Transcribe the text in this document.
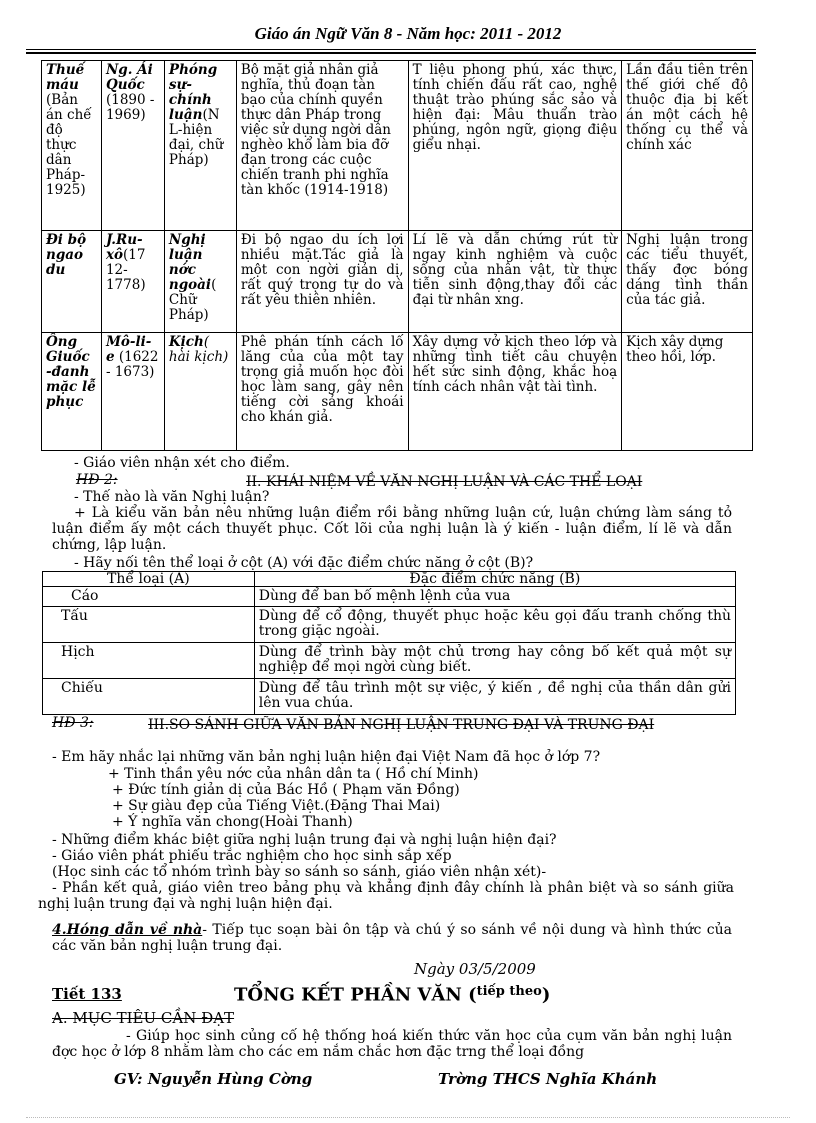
Giáo án Ngữ Văn 8 - Năm học: 2011 - 2012
Thuế máu (Bản án chế độ thực dân Pháp-1925)	Ng. Ái Quốc (1890 - 1969)	Phóng sự- chính luận(N L-hiện đại, chữ Pháp)	Bộ mặt giả nhân giả nghĩa, thủ đoạn tàn bạo của chính quyền thực dân Pháp trong việc sử dụng ngời dân nghèo khổ làm bia đỡ đạn trong các cuộc chiến tranh phi nghĩa tàn khốc (1914-1918)	T liệu phong phú, xác thực, tính chiến đấu rất cao, nghệ thuật trào phúng sắc sảo và hiện đại: Mâu thuẩn trào phúng, ngôn ngữ, giọng điệu giểu nhại.	Lần đầu tiên trên thế giới chế độ thuộc địa bị kết án một cách hệ thống cụ thể và chính xác
Đi bộ ngao du	J.Ru-xô(17 12- 1778)	Nghị luận nớc ngoài( Chữ Pháp)	Đi bộ ngao du ích lợi nhiều mặt.Tác giả là một con ngời giản dị, rất quý trọng tự do và rất yêu thiên nhiên.	Lí lẽ và dẫn chứng rút từ ngay kinh nghiệm và cuộc sống của nhân vật, từ thực tiễn sinh động,thay đổi các đại từ nhân xng.	Nghị luận trong các tiểu thuyết, thấy đợc bóng dáng tình thần của tác giả.
Ông Giuốc -đanh mặc lễ phục	Mô-li-e (1622 - 1673)	Kịch( hài kịch)	Phê phán tính cách lố lăng của của một tay trọng giả muốn học đòi học làm sang, gây nên tiếng cời sảng khoái cho khán giả.	Xây dựng vở kịch theo lớp và những tình tiết câu chuyện hết sức sinh động, khắc hoạ tính cách nhân vật tài tình.	Kịch xây dựng theo hồi, lớp.
- Giáo viên nhận xét cho điểm.
HĐ 2:	II. KHÁI NIỆM VỀ VĂN NGHỊ LUẬN VÀ CÁC THỂ LOẠI
- Thế nào là văn Nghị luận?
+ Là kiểu văn bản nêu những luận điểm rồi bằng những luận cứ, luận chứng làm sáng tỏ luận điểm ấy một cách thuyết phục. Cốt lõi của nghị luận là ý kiến - luận điểm, lí lẽ và dẫn chứng, lập luận.
- Hãy nối tên thể loại ở cột (A) với đặc điểm chức năng ở cột (B)?
Thể loại (A)	Đặc điểm chức năng (B)
Cáo	Dùng để ban bố mệnh lệnh của vua
Tấu	Dùng để cổ động, thuyết phục hoặc kêu gọi đấu tranh chống thù trong giặc ngoài.
Hịch	Dùng để trình bày một chủ trơng hay công bố kết quả một sự nghiệp để mọi ngời cùng biết.
Chiếu	Dùng để tâu trình một sự việc, ý kiến , đề nghị của thần dân gửi lên vua chúa.
HĐ 3:	III.SO SÁNH GIỮA VĂN BẢN NGHỊ LUẬN TRUNG ĐẠI VÀ TRUNG ĐẠI
- Em hãy nhắc lại những văn bản nghị luận hiện đại Việt Nam đã học ở lớp 7?
+ Tinh thần yêu nớc của nhân dân ta ( Hồ chí Minh)
+ Đức tính giản dị của Bác Hồ ( Phạm văn Đồng)
+ Sự giàu đẹp của Tiếng Việt.(Đặng Thai Mai)
+ Ý nghĩa văn chong(Hoài Thanh)
- Những điểm khác biệt giữa nghị luận trung đại và nghị luận hiện đại?
- Giáo viên phát phiếu trắc nghiệm cho học sinh sắp xếp
(Học sinh các tổ nhóm trình bày so sánh so sánh, giáo viên nhận xét)-
- Phần kết quả, giáo viên treo bảng phụ và khẳng định đây chính là phân biệt và so sánh giữa nghị luận trung đại và nghị luận hiện đại.
4.Hóng dẫn về nhà- Tiếp tục soạn bài ôn tập và chú ý so sánh về nội dung và hình thức của các văn bản nghị luận trung đại.
Ngày 03/5/2009
Tiết 133	TỔNG KẾT PHẦN VĂN ($^{tiếp theo}$)
A. MỤC TIÊU CẦN ĐẠT
- Giúp học sinh củng cố hệ thống hoá kiến thức văn học của cụm văn bản nghị luận đợc học ở lớp 8 nhằm làm cho các em nắm chắc hơn đặc trng thể loại đồng
GV: Nguyễn Hùng Cờng	Trờng THCS Nghĩa Khánh
